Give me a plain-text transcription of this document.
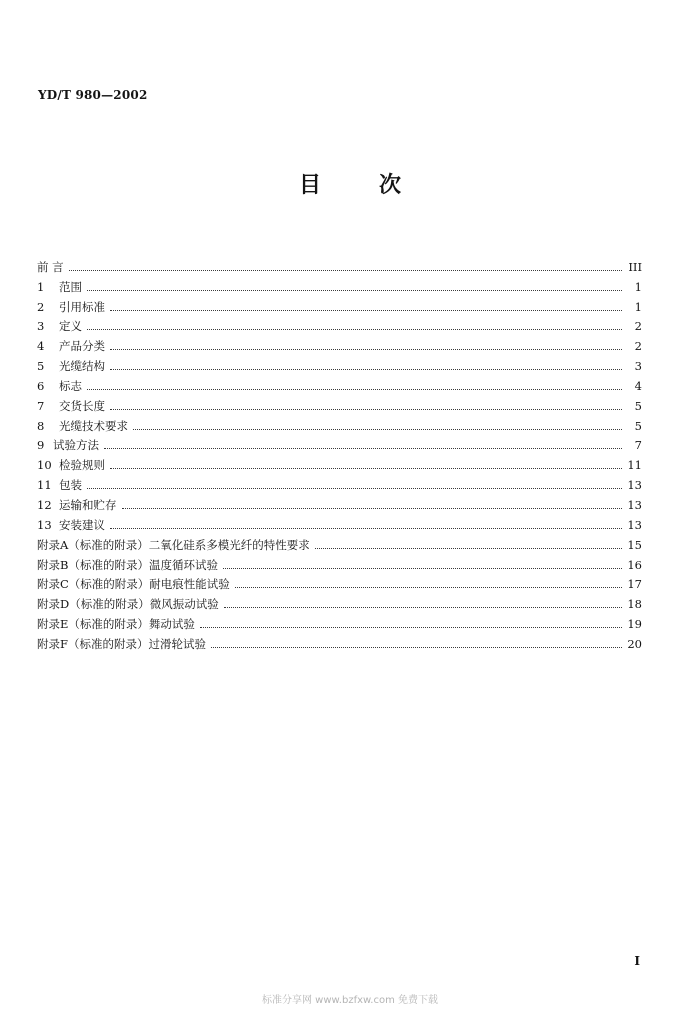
YD/T 980—2002
目次
前 言	III
1 范围	1
2 引用标准	1
3 定义	2
4 产品分类	2
5 光缆结构	3
6 标志	4
7 交货长度	5
8 光缆技术要求	5
9 试验方法	7
10 检验规则	11
11 包装	13
12 运输和贮存	13
13 安装建议	13
附录A（标准的附录）二氧化硅系多模光纤的特性要求	15
附录B（标准的附录）温度循环试验	16
附录C（标准的附录）耐电痕性能试验	17
附录D（标准的附录）微风振动试验	18
附录E（标准的附录）舞动试验	19
附录F（标准的附录）过滑轮试验	20
I
标准分享网 www.bzfxw.com 免费下载
